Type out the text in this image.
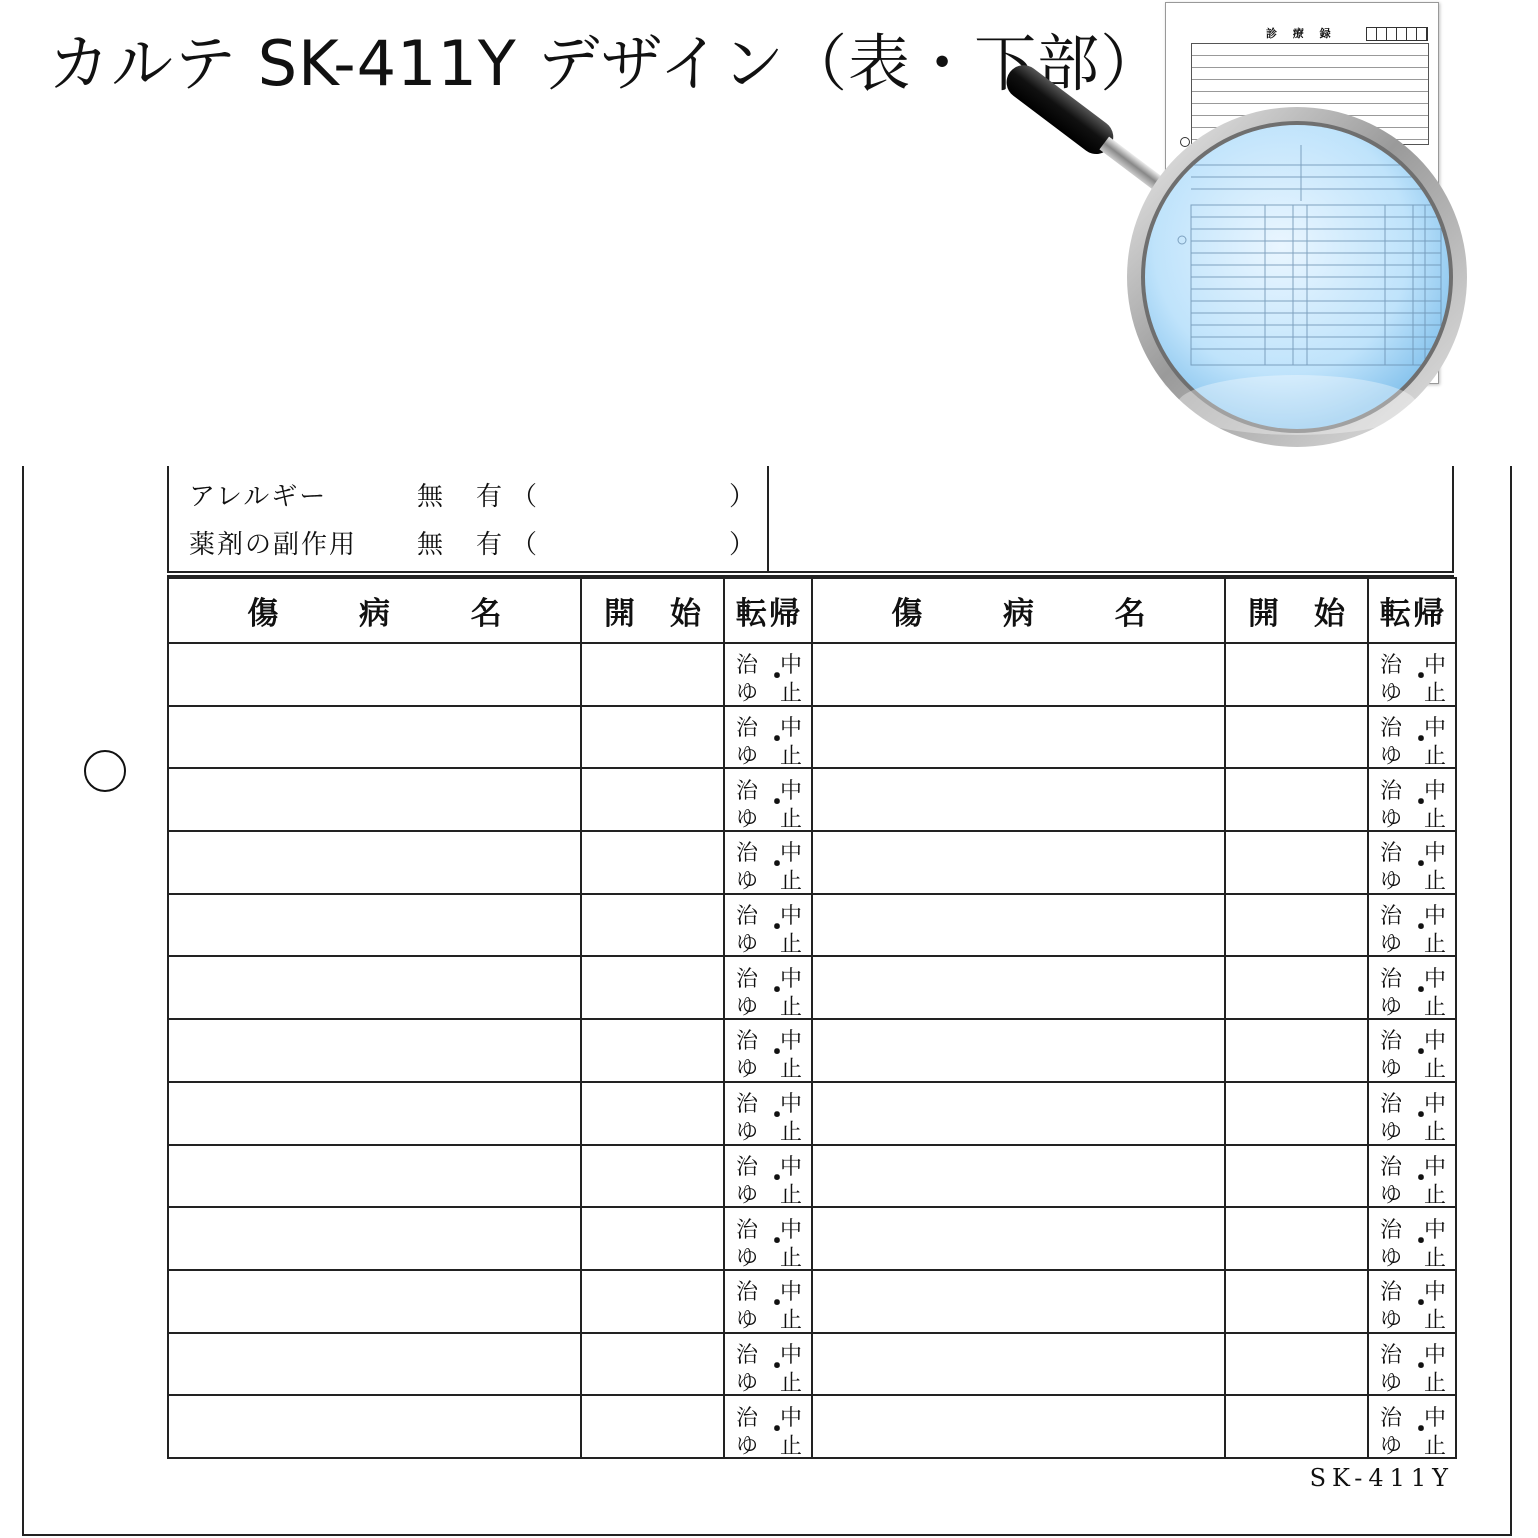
カルテ SK-411Y デザイン（表・下部）	診 療 録
アレルギー	無 有 （	）
薬剤の副作用 無 有 （	）
傷 病 名	開 始	転 帰	傷 病 名	開 始	転 帰

		治
ゆ
・
中
止			治
ゆ
・
中
止

		治
ゆ
・
中
止			治
ゆ
・
中
止

		治
ゆ
・
中
止			治
ゆ
・
中
止

		治
ゆ
・
中
止			治
ゆ
・
中
止

		治
ゆ
・
中
止			治
ゆ
・
中
止

		治
ゆ
・
中
止			治
ゆ
・
中
止

		治
ゆ
・
中
止			治
ゆ
・
中
止

		治
ゆ
・
中
止			治
ゆ
・
中
止

		治
ゆ
・
中
止			治
ゆ
・
中
止

		治
ゆ
・
中
止			治
ゆ
・
中
止

		治
ゆ
・
中
止			治
ゆ
・
中
止

		治
ゆ
・
中
止			治
ゆ
・
中
止

		治
ゆ
・
中
止			治
ゆ
・
中
止
SK-411Y
